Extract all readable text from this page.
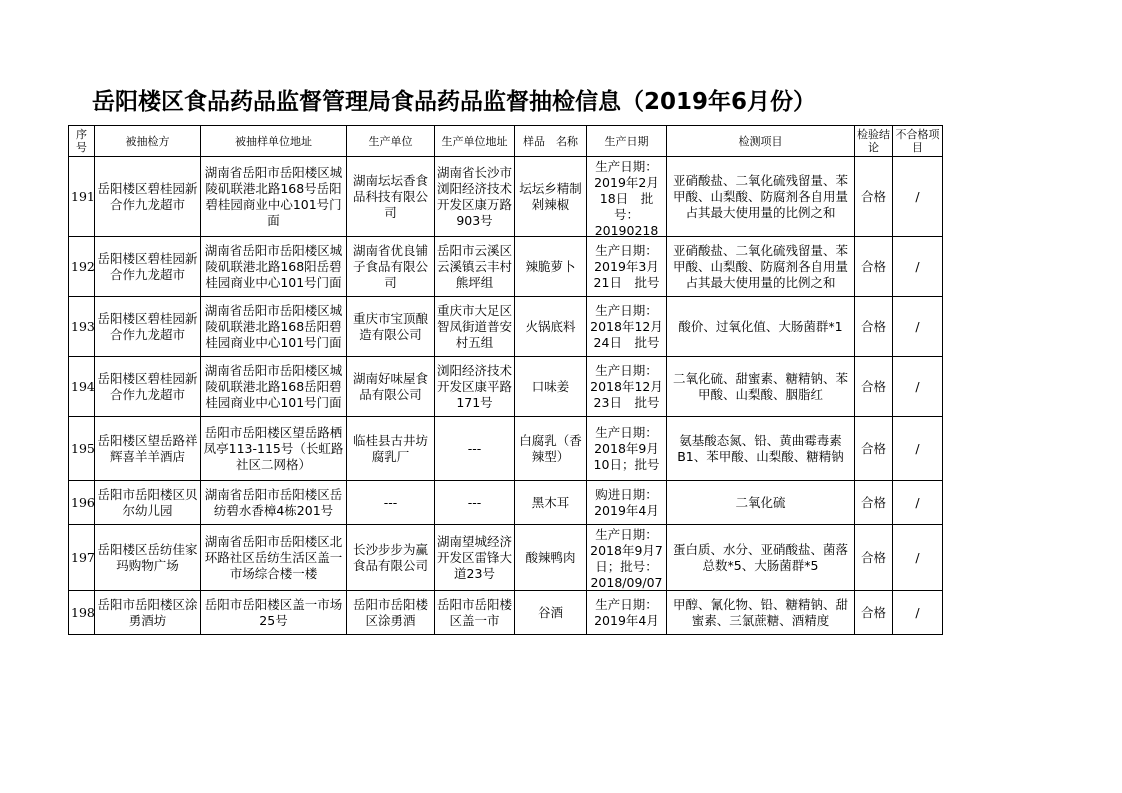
岳阳楼区食品药品监督管理局食品药品监督抽检信息（2019年6月份）
序号	被抽检方	被抽样单位地址	生产单位	生产单位地址	样品　名称	生产日期	检测项目	检验结论	不合格项目

191	岳阳楼区碧桂园新合作九龙超市	湖南省岳阳市岳阳楼区城陵矶联港北路168号岳阳碧桂园商业中心101号门面	湖南坛坛香食品科技有限公司	湖南省长沙市浏阳经济技术开发区康万路903号	坛坛乡精制剁辣椒	生产日期：2019年2月18日　批号：20190218	亚硝酸盐、二氧化硫残留量、苯甲酸、山梨酸、防腐剂各自用量占其最大使用量的比例之和	合格	/

192	岳阳楼区碧桂园新合作九龙超市	湖南省岳阳市岳阳楼区城陵矶联港北路168阳岳碧桂园商业中心101号门面	湖南省优良铺子食品有限公司	岳阳市云溪区云溪镇云丰村熊坪组	辣脆萝卜	生产日期：2019年3月21日　批号	亚硝酸盐、二氧化硫残留量、苯甲酸、山梨酸、防腐剂各自用量占其最大使用量的比例之和	合格	/

193	岳阳楼区碧桂园新合作九龙超市	湖南省岳阳市岳阳楼区城陵矶联港北路168岳阳碧桂园商业中心101号门面	重庆市宝顶酿造有限公司	重庆市大足区智凤街道普安村五组	火锅底料	生产日期：2018年12月24日　批号	酸价、过氧化值、大肠菌群*1	合格	/

194	岳阳楼区碧桂园新合作九龙超市	湖南省岳阳市岳阳楼区城陵矶联港北路168岳阳碧桂园商业中心101号门面	湖南好味屋食品有限公司	浏阳经济技术开发区康平路171号	口味姜	生产日期：2018年12月23日　批号	二氧化硫、甜蜜素、糖精钠、苯甲酸、山梨酸、胭脂红	合格	/

195	岳阳楼区望岳路祥辉喜羊羊酒店	岳阳市岳阳楼区望岳路栖凤亭113-115号（长虹路社区二网格）	临桂县古井坊腐乳厂	---	白腐乳（香辣型）	生产日期：2018年9月10日；批号	氨基酸态氮、铅、黄曲霉毒素B1、苯甲酸、山梨酸、糖精钠	合格	/

196	岳阳市岳阳楼区贝尔幼儿园	湖南省岳阳市岳阳楼区岳纺碧水香樟4栋201号	---	---	黑木耳	购进日期：2019年4月	二氧化硫	合格	/

197	岳阳楼区岳纺佳家玛购物广场	湖南省岳阳市岳阳楼区北环路社区岳纺生活区盖一市场综合楼一楼	长沙步步为赢食品有限公司	湖南望城经济开发区雷锋大道23号	酸辣鸭肉	生产日期：2018年9月7日；批号：2018/09/07	蛋白质、水分、亚硝酸盐、菌落总数*5、大肠菌群*5	合格	/

198	岳阳市岳阳楼区涂勇酒坊	岳阳市岳阳楼区盖一市场25号	岳阳市岳阳楼区涂勇酒	岳阳市岳阳楼区盖一市	谷酒	生产日期：2019年4月	甲醇、氰化物、铅、糖精钠、甜蜜素、三氯蔗糖、酒精度	合格	/
